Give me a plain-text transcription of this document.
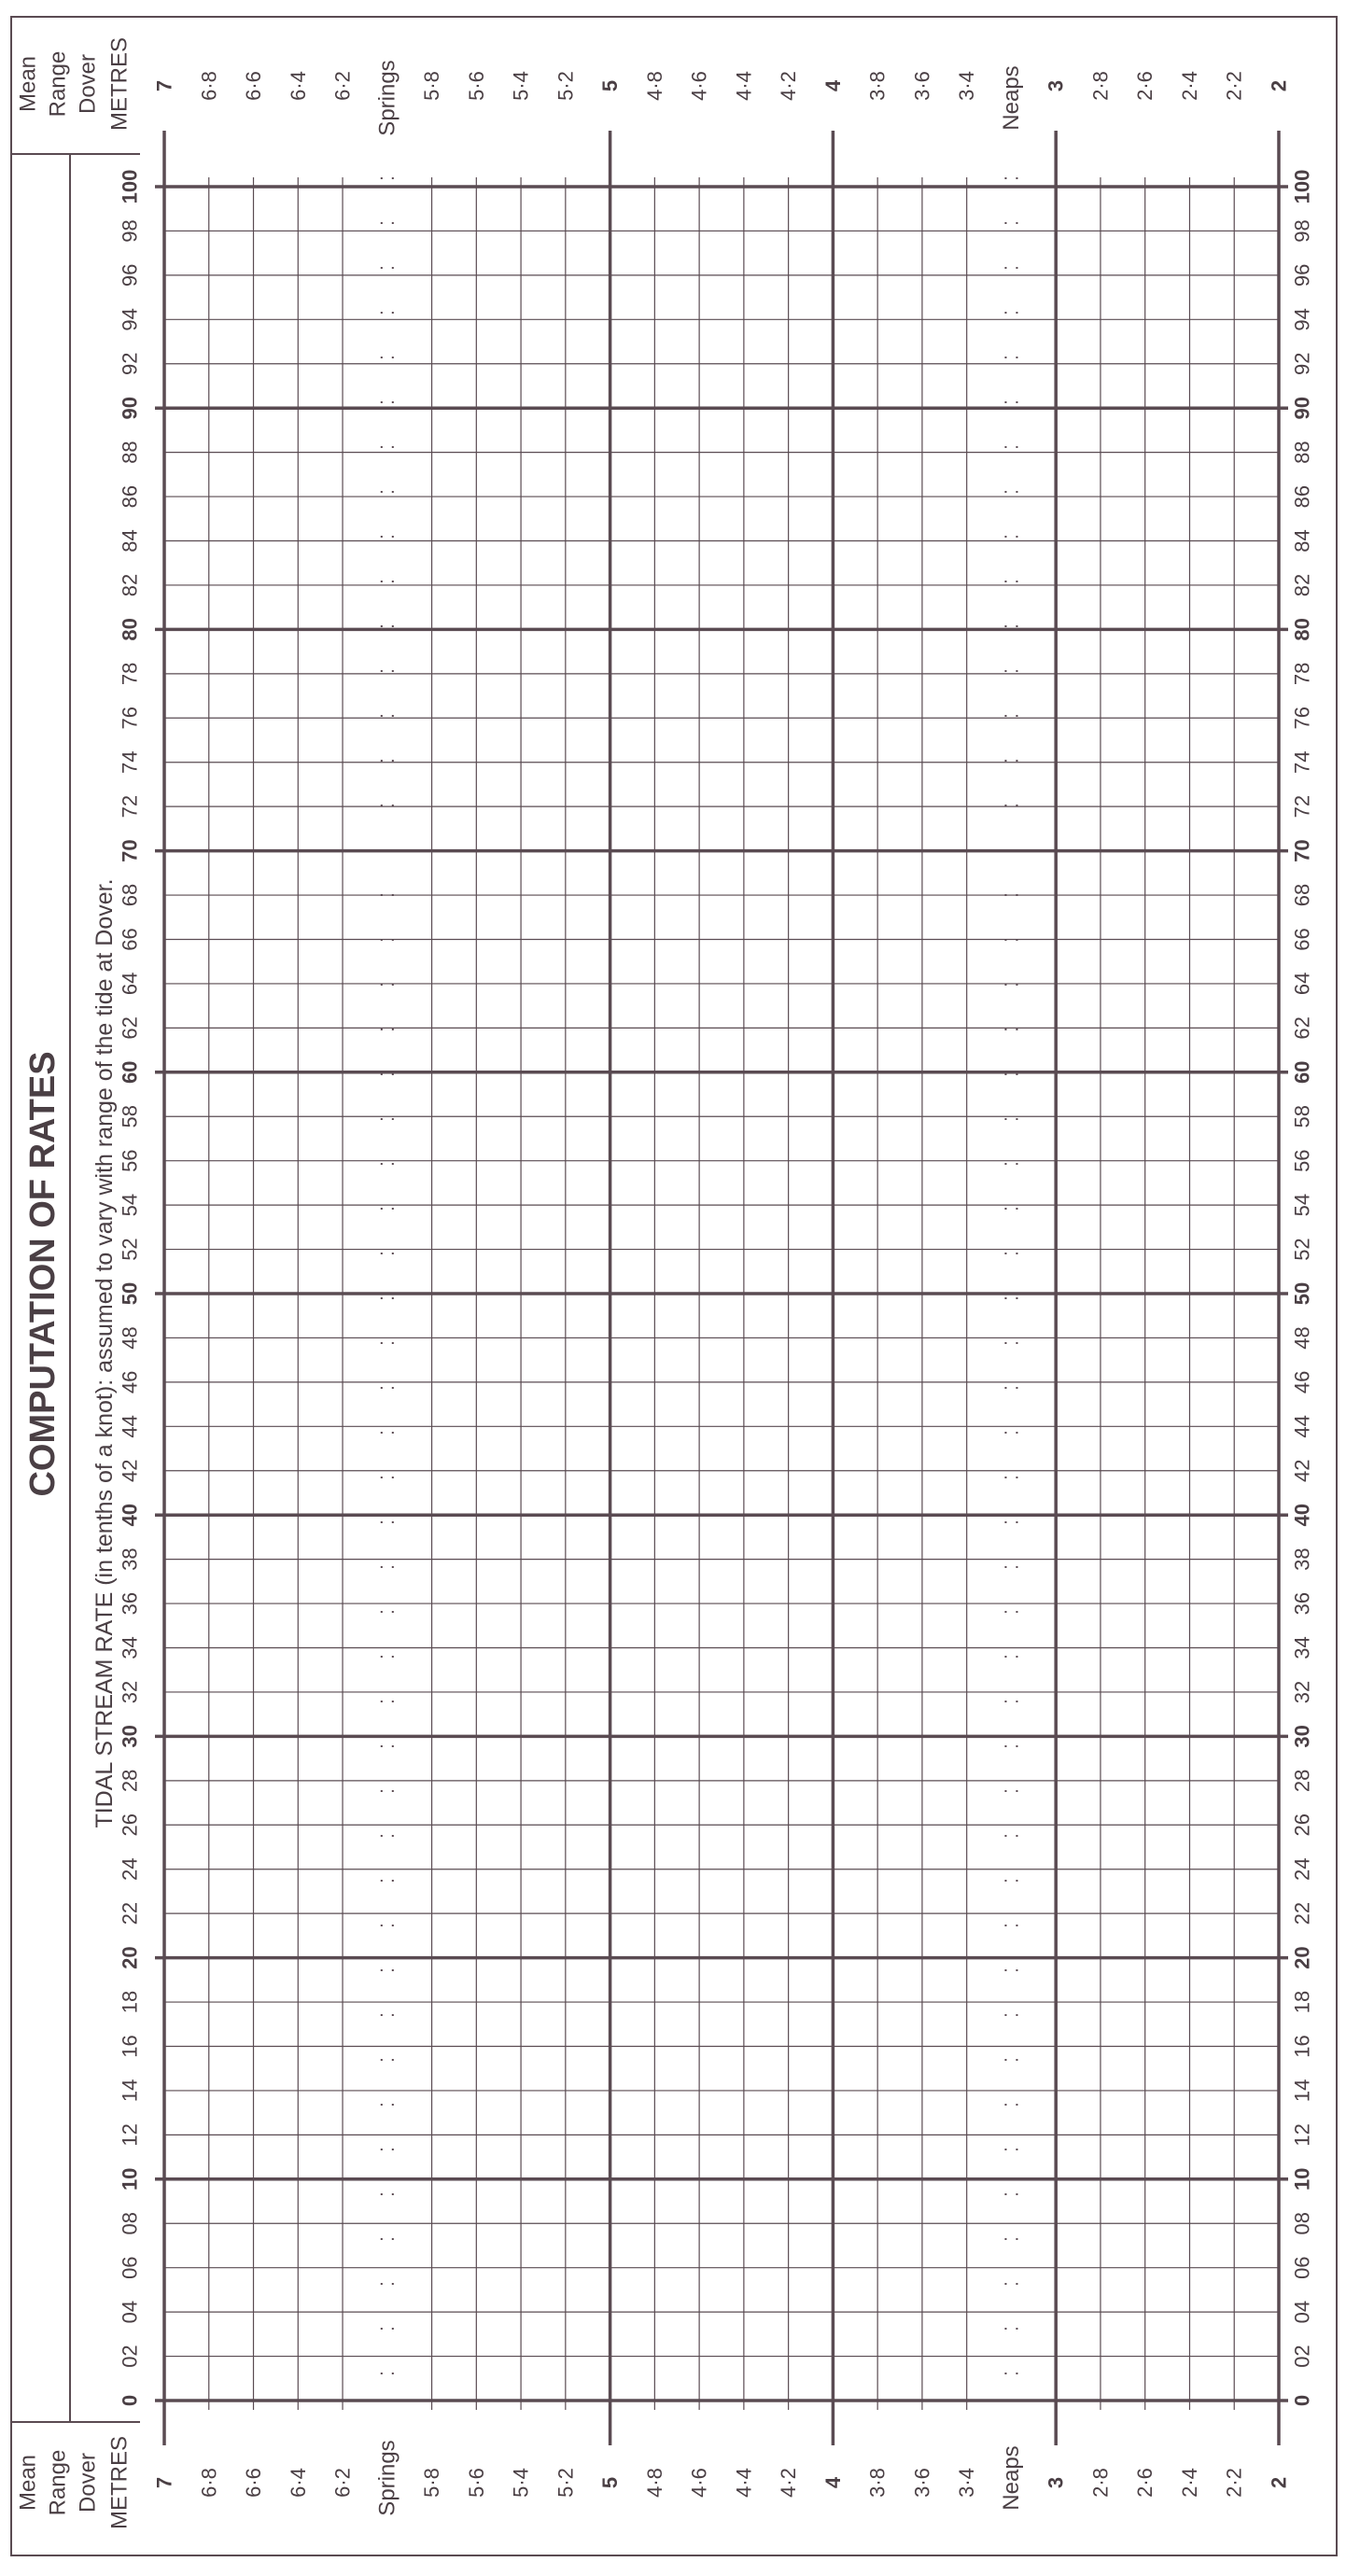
COMPUTATION OF RATES TIDAL STREAM RATE (in tenths of a knot): assumed to vary with range of the tide at Dover.
Mean
Mean
Range
Range
Dover
Dover
METRES
METRES
0	0
02	02
04	04
06	06
08	08
10	10
12	12
14	14
16	16
18	18
20	20
22	22
24	24
26	26
28	28
30	30
32	32
34	34
36	36
38	38
40	40
42	42
44	44
46	46
48	48
50	50
52	52
54	54
56	56
58	58
60	60
62	62
64	64
66	66
68	68
70	70
72	72
74	74
76	76
78	78
80	80
82	82
84	84
86	86
88	88
90	90
92	92
94	94
96	96
98	98
100	100
7
7
6·8
6·8
6·6
6·6
6·4
6·4
6·2
6·2
5·8
5·8
5·6
5·6
5·4
5·4
5·2
5·2
5
5
4·8
4·8
4·6
4·6
4·4
4·4
4·2
4·2
4
4
3·8
3·8
3·6
3·6
3·4
3·4
3
3
2·8
2·8
2·6
2·6
2·4
2·4
2·2
2·2
2
2
Springs
Springs
Neaps
Neaps
